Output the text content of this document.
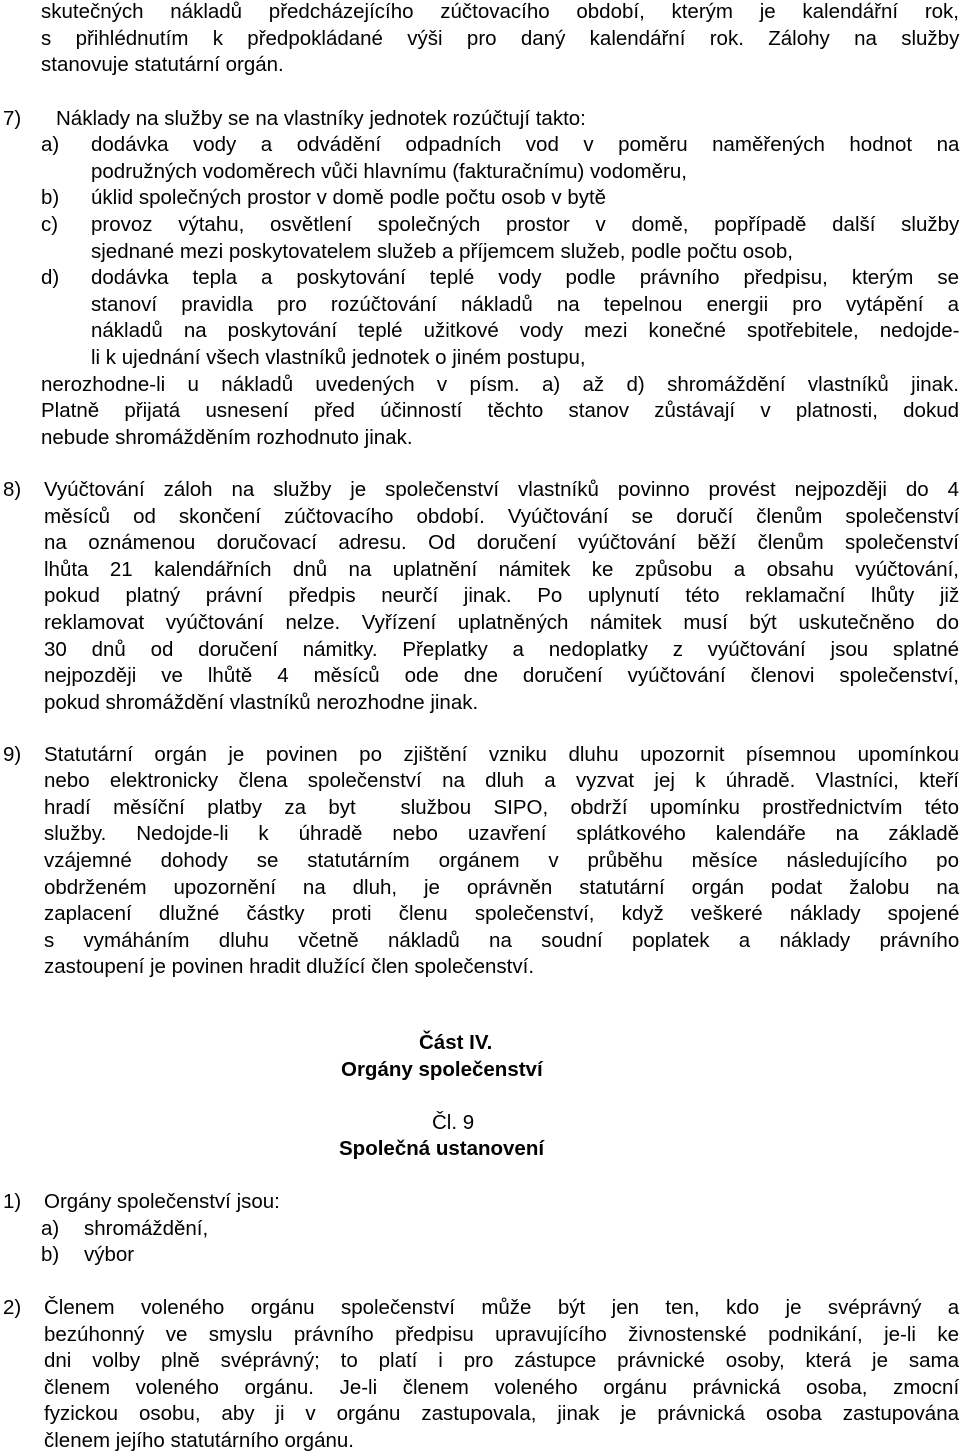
skutečných nákladů předcházejícího zúčtovacího období, kterým je kalendářní rok,
s přihlédnutím k předpokládané výši pro daný kalendářní rok. Zálohy na služby
stanovuje statutární orgán.
7) Náklady na služby se na vlastníky jednotek rozúčtují takto:
a) dodávka vody a odvádění odpadních vod v poměru naměřených hodnot na
podružných vodoměrech vůči hlavnímu (fakturačnímu) vodoměru,
b) úklid společných prostor v domě podle počtu osob v bytě
c) provoz výtahu, osvětlení společných prostor v domě, popřípadě další služby
sjednané mezi poskytovatelem služeb a příjemcem služeb, podle počtu osob,
d) dodávka tepla a poskytování teplé vody podle právního předpisu, kterým se
stanoví pravidla pro rozúčtování nákladů na tepelnou energii pro vytápění a
nákladů na poskytování teplé užitkové vody mezi konečné spotřebitele, nedojde-
li k ujednání všech vlastníků jednotek o jiném postupu,
nerozhodne-li u nákladů uvedených v písm. a) až d) shromáždění vlastníků jinak.
Platně přijatá usnesení před účinností těchto stanov zůstávají v platnosti, dokud
nebude shromážděním rozhodnuto jinak.
8) Vyúčtování záloh na služby je společenství vlastníků povinno provést nejpozději do 4
měsíců od skončení zúčtovacího období. Vyúčtování se doručí členům společenství
na oznámenou doručovací adresu. Od doručení vyúčtování běží členům společenství
lhůta 21 kalendářních dnů na uplatnění námitek ke způsobu a obsahu vyúčtování,
pokud platný právní předpis neurčí jinak. Po uplynutí této reklamační lhůty již
reklamovat vyúčtování nelze. Vyřízení uplatněných námitek musí být uskutečněno do
30 dnů od doručení námitky. Přeplatky a nedoplatky z vyúčtování jsou splatné
nejpozději ve lhůtě 4 měsíců ode dne doručení vyúčtování členovi společenství,
pokud shromáždění vlastníků nerozhodne jinak.
9) Statutární orgán je povinen po zjištění vzniku dluhu upozornit písemnou upomínkou
nebo elektronicky člena společenství na dluh a vyzvat jej k úhradě. Vlastníci, kteří
hradí měsíční platby za byt  službou SIPO, obdrží upomínku prostřednictvím této
služby. Nedojde-li k úhradě nebo uzavření splátkového kalendáře na základě
vzájemné dohody se statutárním orgánem v průběhu měsíce následujícího po
obdrženém upozornění na dluh, je oprávněn statutární orgán podat žalobu na
zaplacení dlužné částky proti členu společenství, když veškeré náklady spojené
s vymáháním dluhu včetně nákladů na soudní poplatek a náklady právního
zastoupení je povinen hradit dlužící člen společenství.
Část IV.
Orgány společenství
Čl. 9
Společná ustanovení
1) Orgány společenství jsou:
a) shromáždění,
b) výbor
2) Členem voleného orgánu společenství může být jen ten, kdo je svéprávný a
bezúhonný ve smyslu právního předpisu upravujícího živnostenské podnikání, je-li ke
dni volby plně svéprávný; to platí i pro zástupce právnické osoby, která je sama
členem voleného orgánu. Je-li členem voleného orgánu právnická osoba, zmocní
fyzickou osobu, aby ji v orgánu zastupovala, jinak je právnická osoba zastupována
členem jejího statutárního orgánu.
